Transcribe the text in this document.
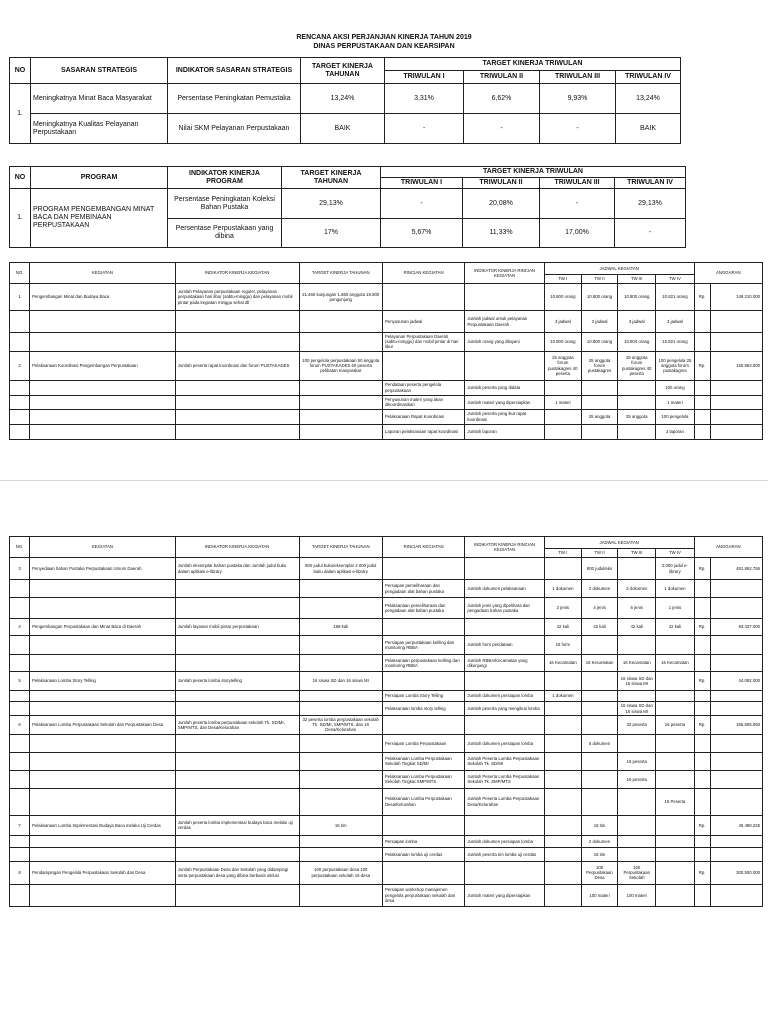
RENCANA AKSI PERJANJIAN KINERJA TAHUN 2019
DINAS PERPUSTAKAAN DAN KEARSIPAN
NO	SASARAN STRATEGIS	INDIKATOR SASARAN STRATEGIS	TARGET KINERJA TAHUNAN	TARGET KINERJA TRIWULAN			
				TRIWULAN I	TRIWULAN II	TRIWULAN III	TRIWULAN IV
1.	Meningkatnya Minat Baca Masyarakat	Persentase Peningkatan Pemustaka	13,24%	3,31%	6,62%	9,93%	13,24%
	Meningkatnya Kualitas Pelayanan Perpustakaan	Nilai SKM Pelayanan Perpustakaan	BAIK	-	-	-	BAIK
NO	PROGRAM	INDIKATOR KINERJA PROGRAM	TARGET KINERJA TAHUNAN	TARGET KINERJA TRIWULAN			
				TRIWULAN I	TRIWULAN II	TRIWULAN III	TRIWULAN IV
1.	PROGRAM PENGEMBANGAN MINAT BACA DAN PEMBINAAN PERPUSTAKAAN	Persentase Peningkatan Koleksi Bahan Pustaka	29,13%	-	20,08%	-	29,13%
		Persentase Perpustakaan yang dibina	17%	5,67%	11,33%	17,00%	-
NO.	KEGIATAN	INDIKATOR KINERJA KEGIATAN	TARGET KINERJA TAHUNAN	RINCIAN KEGIATAN	INDIKATOR KINERJA RINCIAN KEGIATAN	JADWAL KEGIATAN				ANGGARAN	
						TW I	TW II	TW III	TW IV		
1	Pengembangan Minat dan Budaya Baca	Jumlah Pelayanan perpustakaan reguler, pelayanan perpustakaan hari libur (sabtu-minggu) dan pelayanan mobil pintar pada kegiatan minggu sehat dll	21.460 kunjungan 1.660 anggota 19.800 pengunjung			10.800 orang	10.800 orang	10.800 orang	10.821 orang	Rp.	149.210.000
				Penyusunan jadwal	Jumlah jadwal untuk pelayanan Perpustakaan Daerah	3 jadwal	3 jadwal	3 jadwal	3 jadwal		
				Pelayanan Perpustakaan Daerah (sabtu-minggu) dan mobil pintar di hari libur	Jumlah orang yang dilayani	10.800 orang	10.800 orang	10.800 orang	10.821 orang		
2	Pelaksanaan Koordinasi Pengembangan Perpustakaan	Jumlah peserta rapat koordinasi dan forum PUSTAKADES	100 pengelola perpustakaan 50 anggota forum PUSTAKADES 60 peserta pelibatan masyarakat			25 anggota forum pustakagres 40 peserta	25 anggota forum pustakagres	25 anggota forum pustakagres 40 peserta	100 pengelola 25 anggota forum pustakagres	Rp.	150.863.500
				Pendataan peserta pengelola perpustakaan	Jumlah peserta yang didata				100 orang		
				Penyusunan materi yang akan dikoordinasikan	Jumlah materi yang dipersiapkan	1 materi			1 materi		
				Pelaksanaan Rapat Koordinasi	Jumlah peserta yang ikut rapat koordinasi		25 anggota	25 anggota	100 pengelola		
				Laporan pelaksanaan rapat koordinasi	Jumlah laporan				2 laporan		
NO.	KEGIATAN	INDIKATOR KINERJA KEGIATAN	TARGET KINERJA TAHUNAN	RINCIAN KEGIATAN	INDIKATOR KINERJA RINCIAN KEGIATAN	JADWAL KEGIATAN				ANGGARAN	
						TW I	TW II	TW III	TW IV		
3	Penyediaan bahan Pustaka Perpustakaan Umum Daerah	Jumlah eksemplar bahan pustaka dan Jumlah judul buku dalam aplikasi e-library	800 judul buku/eksemplar 2.000 judul buku dalam aplikasi e-library				800 judul/eks		2.000 judul e-library	Rp.	481.862.755
				Persiapan pemeliharaan dan pengadaan alat bahan pustaka	Jumlah dokumen pelaksanaan	1 dokumen	2 dokumen	3 dokumen	1 dokumen		
				Pelaksanaan pemeliharaan dan pengadaan alat bahan pustaka	Jumlah jenis yang dipelihara dan pengadaan bahan pustaka	2 jenis	4 jenis	6 jenis	1 jenis		
4	Pengembangan Perpustakaan dan Minat Baca di Daerah	Jumlah layanan mobil pintar perpustakaan	168 kali			42 kali	42 kali	42 kali	42 kali	Rp.	93.427.000
				Persiapan perpustakaan keliling dan monitoring RBBA	Jumlah form pendataan	16 form					
				Pelaksanaan perpustakaan keliling dan monitoring RBBA	Jumlah RBBA/Kecamatan yang dikunjungi	16 Kecamatan	16 Kecamatan	16 Kecamatan	16 Kecamatan		
5	Pelaksanaan Lomba Story Telling	Jumlah peserta lomba storytelling	16 siswa SD dan 16 siswa MI					16 siswa SD dan 16 siswa MI		Rp.	44.082.000
				Persiapan Lomba Story Telling	Jumlah dokumen persiapan lomba	1 dokumen					
				Pelaksanaan lomba story telling	Jumlah peserta yang mengikuti lomba			16 siswa SD dan 16 siswa MI			
6	Pelaksanaan Lomba Perpustakaan Sekolah dan Perpustakaan Desa	Jumlah peserta lomba perpustakaan sekolah Tk. SD/MI, SMP/MTS, dan Desa/Kelurahan	32 peserta lomba perpustakaan sekolah Tk. SD/MI, SMP/MTS, dan 16 Desa/Kelurahan					32 peserta	16 peserta	Rp.	155.805.050
				Persiapan Lomba Perpustakaan	Jumlah dokumen persiapan lomba		5 dokumen				
				Pelaksanaan Lomba Perpustakaan Sekolah Tingkat SD/MI	Jumlah Peserta Lomba Perpustakaan Sekolah Tk. SD/MI			16 peserta			
				Pelaksanaan Lomba Perpustakaan Sekolah Tingkat SMP/MTS	Jumlah Peserta Lomba Perpustakaan Sekolah Tk. SMP/MTS			16 peserta			
				Pelaksanaan Lomba Perpustakaan Desa/Kelurahan	Jumlah Peserta Lomba Perpustakaan Desa/Kelurahan				16 Peserta		
7	Pelaksanaan Lomba Implementasi Budaya Baca melalui Uji Cerdas	Jumlah peserta lomba implementasi budaya baca melalui uji cerdas	16 tim				16 tim			Rp.	49.488.225
				Persiapan lomba	Jumlah dokumen persiapan lomba		2 dokumen				
				Pelaksanaan lomba uji cerdas	Jumlah peserta tim lomba uji cerdas		16 tim				
8	Pendampingan Pengelola Perpustakaan Sekolah dan Desa	Jumlah Perpustakaan Desa dan Sekolah yang didampingi serta perpustakaan desa yang dibina berbasis inklusi	100 perpustakaan desa 100 perpustakaan sekolah 16 desa				100 Perpustakaan Desa	100 Perpustakaan Sekolah		Rp.	300.500.000
				Persiapan workshop manajemen pengelola perpustakaan sekolah dan desa	Jumlah materi yang dipersiapkan		100 materi	100 materi			
